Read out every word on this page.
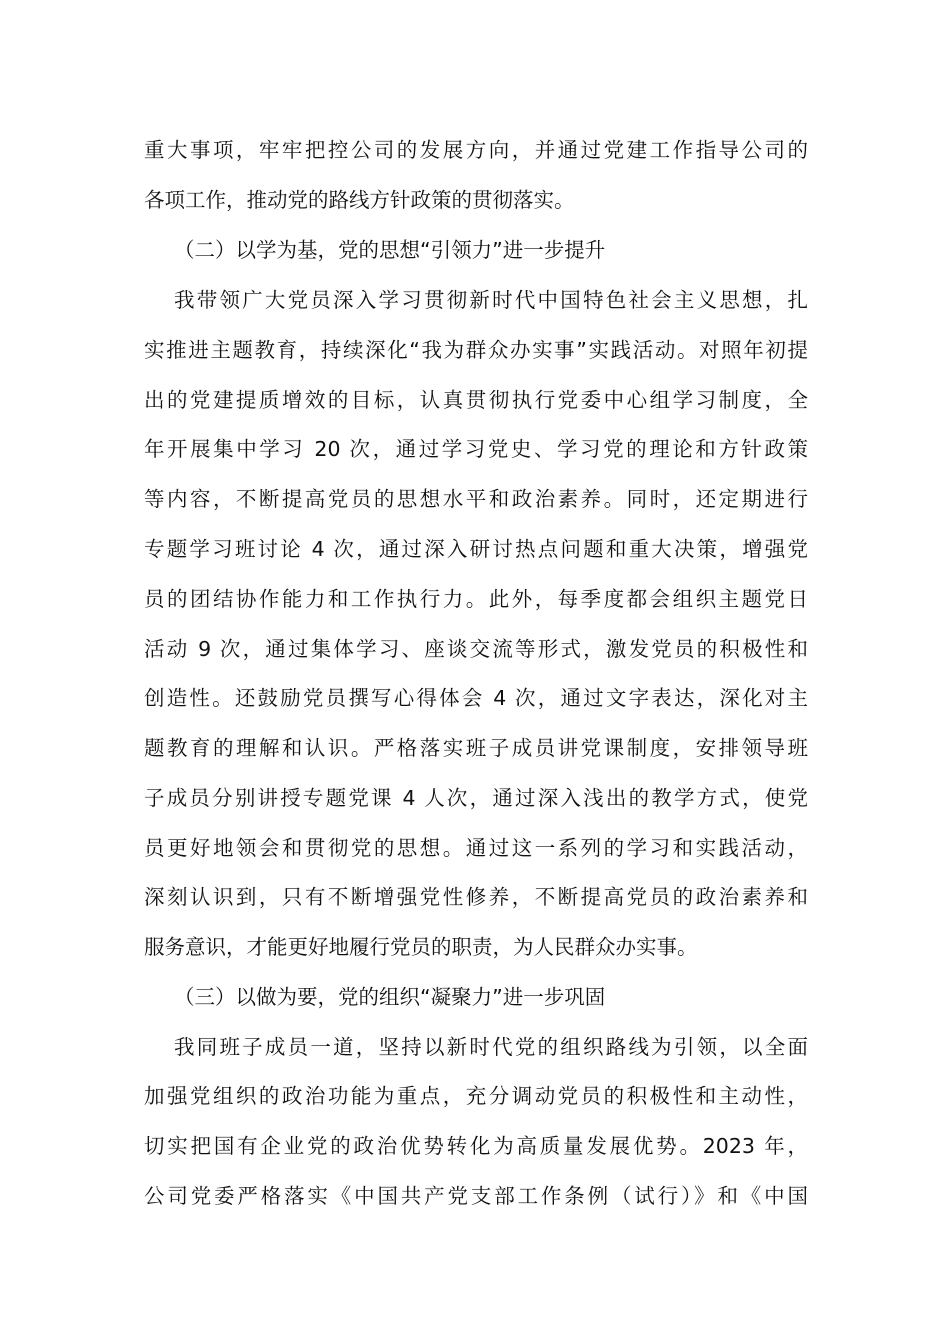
重大事项，牢牢把控公司的发展方向，并通过党建工作指导公司的
各项工作，推动党的路线方针政策的贯彻落实。
（二）以学为基，党的思想“引领力”进一步提升
我带领广大党员深入学习贯彻新时代中国特色社会主义思想，扎
实推进主题教育，持续深化“我为群众办实事”实践活动。对照年初提
出的党建提质增效的目标，认真贯彻执行党委中心组学习制度，全
年开展集中学习 20 次，通过学习党史、学习党的理论和方针政策
等内容，不断提高党员的思想水平和政治素养。同时，还定期进行
专题学习班讨论 4 次，通过深入研讨热点问题和重大决策，增强党
员的团结协作能力和工作执行力。此外，每季度都会组织主题党日
活动 9 次，通过集体学习、座谈交流等形式，激发党员的积极性和
创造性。还鼓励党员撰写心得体会 4 次，通过文字表达，深化对主
题教育的理解和认识。严格落实班子成员讲党课制度，安排领导班
子成员分别讲授专题党课 4 人次，通过深入浅出的教学方式，使党
员更好地领会和贯彻党的思想。通过这一系列的学习和实践活动，
深刻认识到，只有不断增强党性修养，不断提高党员的政治素养和
服务意识，才能更好地履行党员的职责，为人民群众办实事。
（三）以做为要，党的组织“凝聚力”进一步巩固
我同班子成员一道，坚持以新时代党的组织路线为引领，以全面
加强党组织的政治功能为重点，充分调动党员的积极性和主动性，
切实把国有企业党的政治优势转化为高质量发展优势。2023 年，
公司党委严格落实《中国共产党支部工作条例（试行）》和《中国
